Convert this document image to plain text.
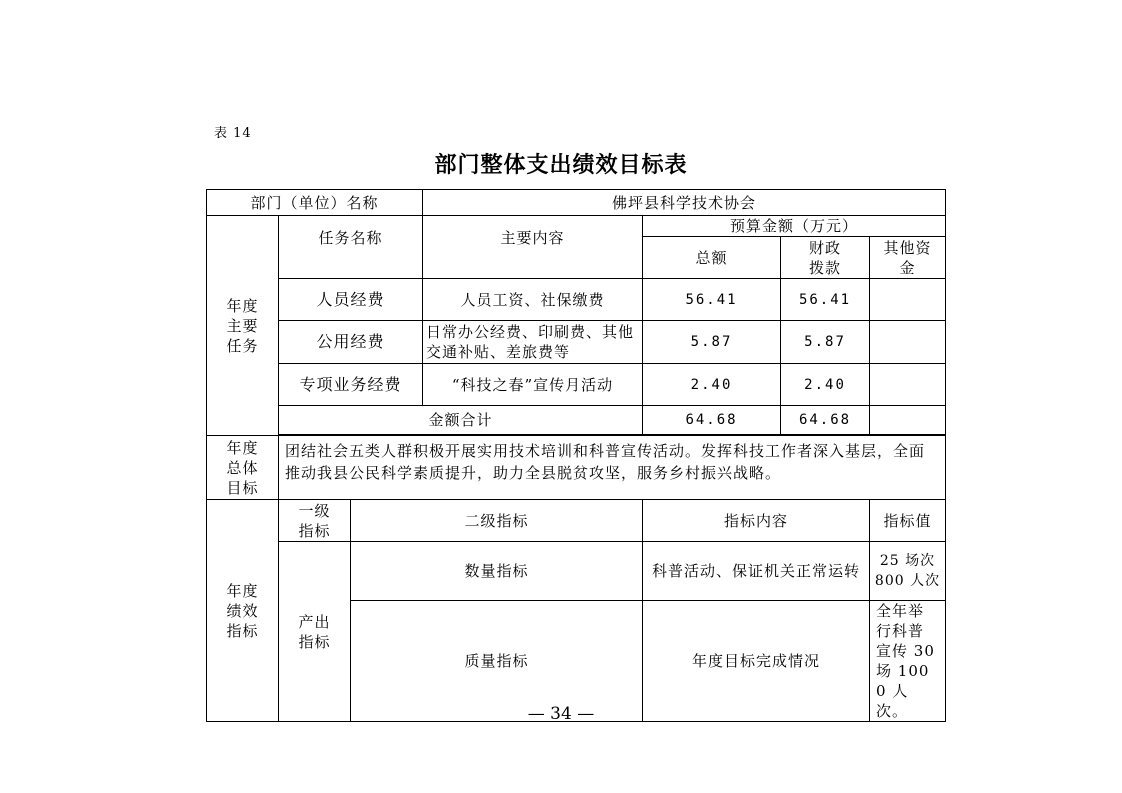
表 14
部门整体支出绩效目标表
部门（单位）名称			佛坪县科学技术协会			
年度主要任务	任务名称		主要内容	预算金额（万元）		
				总额	财政拨款	其他资金
	人员经费		人员工资、社保缴费	56.41	56.41	
	公用经费		日常办公经费、印刷费、其他交通补贴、差旅费等	5.87	5.87	
	专项业务经费		“科技之春”宣传月活动	2.40	2.40	
	金额合计			64.68	64.68	

年度总体目标	团结社会五类人群积极开展实用技术培训和科普宣传活动。发挥科技工作者深入基层，全面推动我县公民科学素质提升，助力全县脱贫攻坚，服务乡村振兴战略。					
年度绩效指标	一级指标	二级指标		指标内容		指标值
	产出指标	数量指标		科普活动、保证机关正常运转		25 场次 800 人次
		质量指标		年度目标完成情况		全年举行科普宣传 30 场 1000 人次。
— 34 —
